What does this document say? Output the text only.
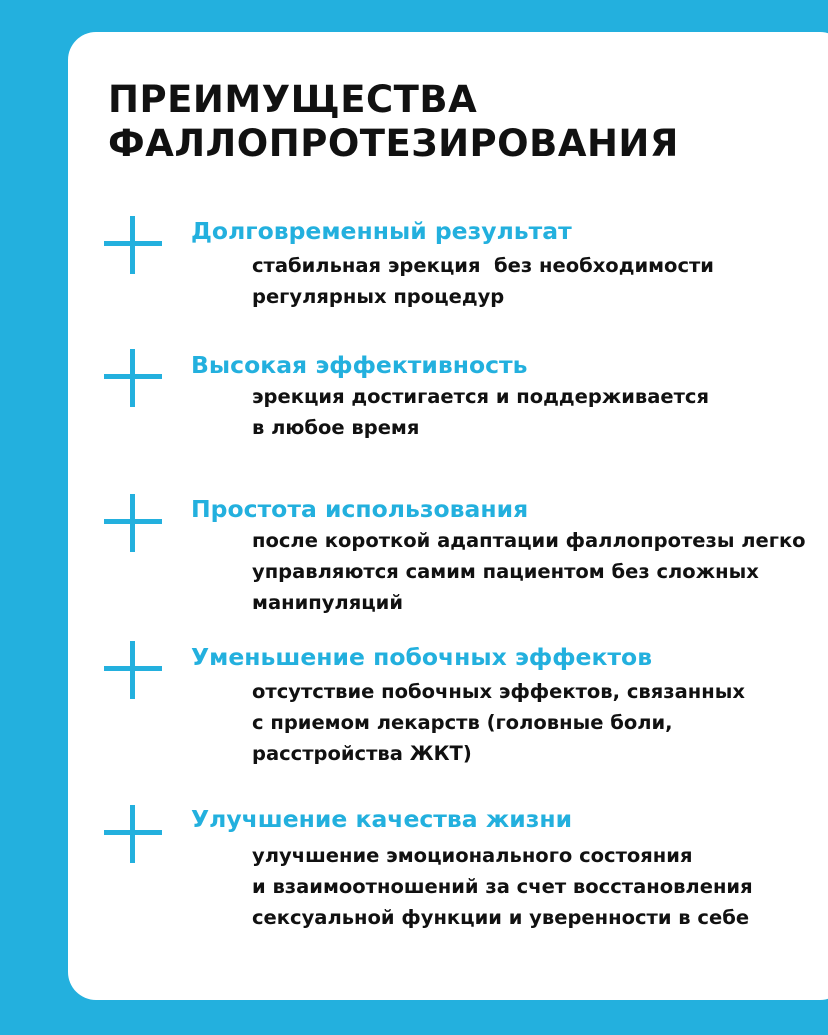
ПРЕИМУЩЕСТВА
ФАЛЛОПРОТЕЗИРОВАНИЯ
Долговременный результат
стабильная эрекция  без необходимости
регулярных процедур
Высокая эффективность
эрекция достигается и поддерживается
в любое время
Простота использования
после короткой адаптации фаллопротезы легко
управляются самим пациентом без сложных
манипуляций
Уменьшение побочных эффектов
отсутствие побочных эффектов, связанных
с приемом лекарств (головные боли,
расстройства ЖКТ)
Улучшение качества жизни
улучшение эмоционального состояния
и взаимоотношений за счет восстановления
сексуальной функции и уверенности в себе
